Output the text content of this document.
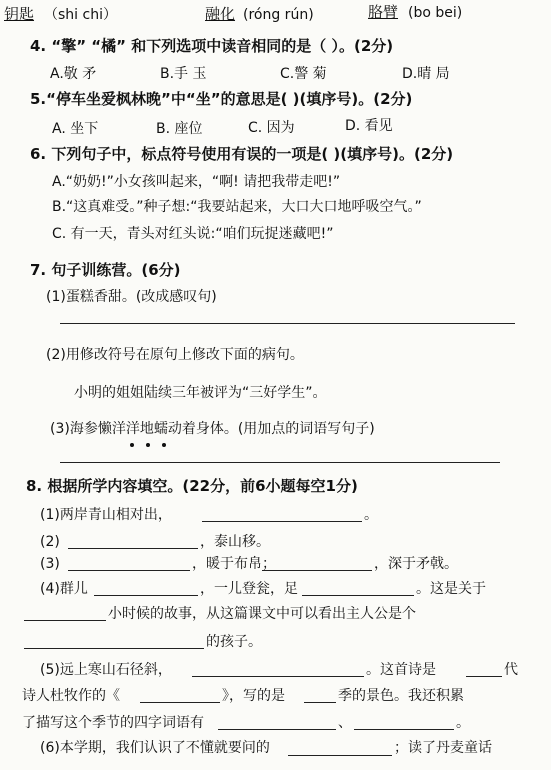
钥匙 （shi chi）	融化 (róng rún)	胳臂 (bo bei)
4. “擎” “橘” 和下列选项中读音相同的是（ ）。(2分)
A.敬 矛	B.手 玉	C.警 菊	D.晴 局
5.“停车坐爱枫林晚”中“坐”的意思是( )(填序号)。(2分)
A. 坐下	B. 座位	C. 因为	D. 看见
6. 下列句子中，标点符号使用有误的一项是( )(填序号)。(2分)
A.“奶奶!”小女孩叫起来，“啊! 请把我带走吧!”
B.“这真难受。”种子想:“我要站起来，大口大口地呼吸空气。”
C. 有一天，青头对红头说:“咱们玩捉迷藏吧!”
7. 句子训练营。(6分)
(1)蛋糕香甜。(改成感叹句)
(2)用修改符号在原句上修改下面的病句。
小明的姐姐陆续三年被评为“三好学生”。
(3)海参懒洋洋地蠕动着身体。(用加点的词语写句子)
8. 根据所学内容填空。(22分，前6小题每空1分)
(1)两岸青山相对出，	。
(2)	，泰山移。
(3)	，暖于布帛；	，深于矛戟。
(4)群儿	，一儿登瓮，足	。这是关于
小时候的故事，从这篇课文中可以看出主人公是个
的孩子。
(5)远上寒山石径斜，	。这首诗是	代
诗人杜牧作的《	》，写的是	季的景色。我还积累
了描写这个季节的四字词语有	、	。
(6)本学期，我们认识了不懂就要问的	；读了丹麦童话
